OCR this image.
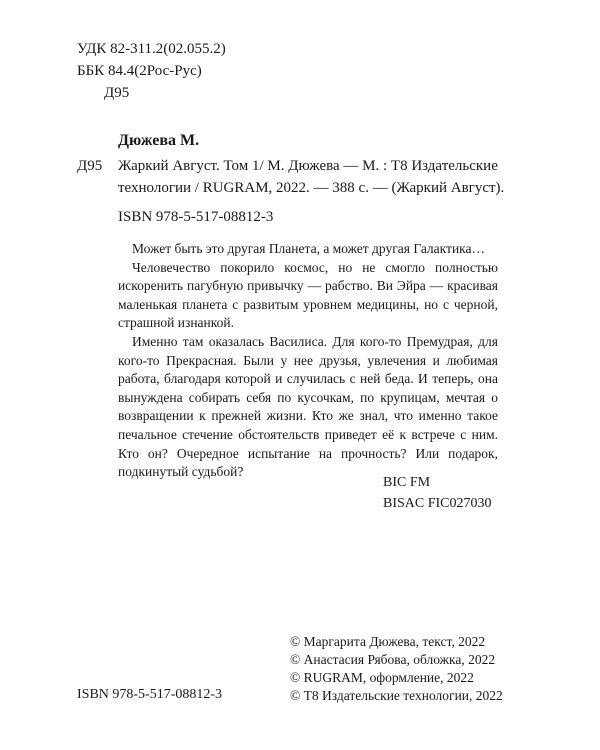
УДК 82-311.2(02.055.2)
ББК 84.4(2Рос-Рус)
Д95
Дюжева М.
Д95 Жаркий Август. Том 1/ М. Дюжева — М. : Т8 Издательские
технологии / RUGRAM, 2022. — 388 с. — (Жаркий Август).
ISBN 978-5-517-08812-3

Может быть это другая Планета, а может другая Галактика…

Человечество покорило космос, но не смогло полностью искоренить пагубную привычку — рабство. Ви Эйра — красивая маленькая планета с развитым уровнем медицины, но с черной, страшной изнанкой.

Именно там оказалась Василиса. Для кого-то Премудрая, для кого-то Прекрасная. Были у нее друзья, увлечения и любимая работа, благодаря которой и случилась с ней беда. И теперь, она вынуждена собирать себя по кусочкам, по крупицам, мечтая о возвращении к прежней жизни. Кто же знал, что именно такое печальное стечение обстоятельств приведет её к встрече с ним. Кто он? Очередное испытание на прочность? Или подарок, подкинутый судьбой?

BIC FM
BISAC FIC027030
© Маргарита Дюжева, текст, 2022
© Анастасия Рябова, обложка, 2022
© RUGRAM, оформление, 2022
© Т8 Издательские технологии, 2022
ISBN 978-5-517-08812-3
